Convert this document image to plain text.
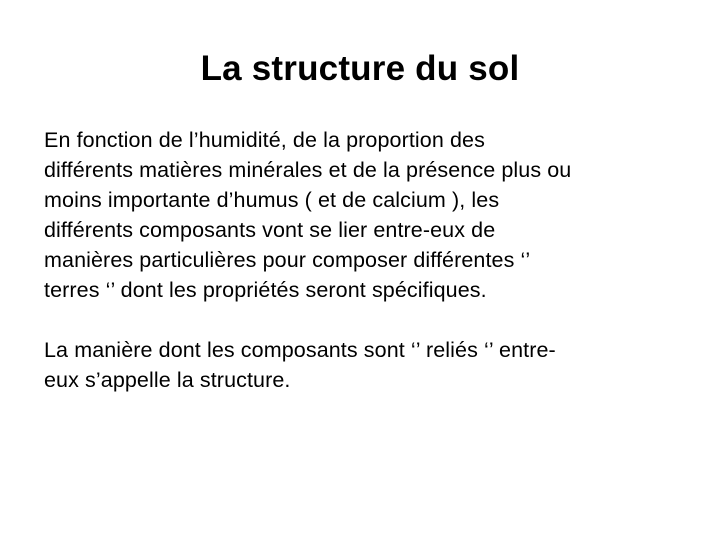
La structure du sol

En fonction de l’humidité, de la proportion des
différents matières minérales et de la présence plus ou
moins importante d’humus ( et de calcium ), les
différents composants vont se lier entre-eux de
manières particulières pour composer différentes ‘’
terres ‘’ dont les propriétés seront spécifiques.

La manière dont les composants sont ‘’ reliés ‘’ entre-
eux s’appelle la structure.
